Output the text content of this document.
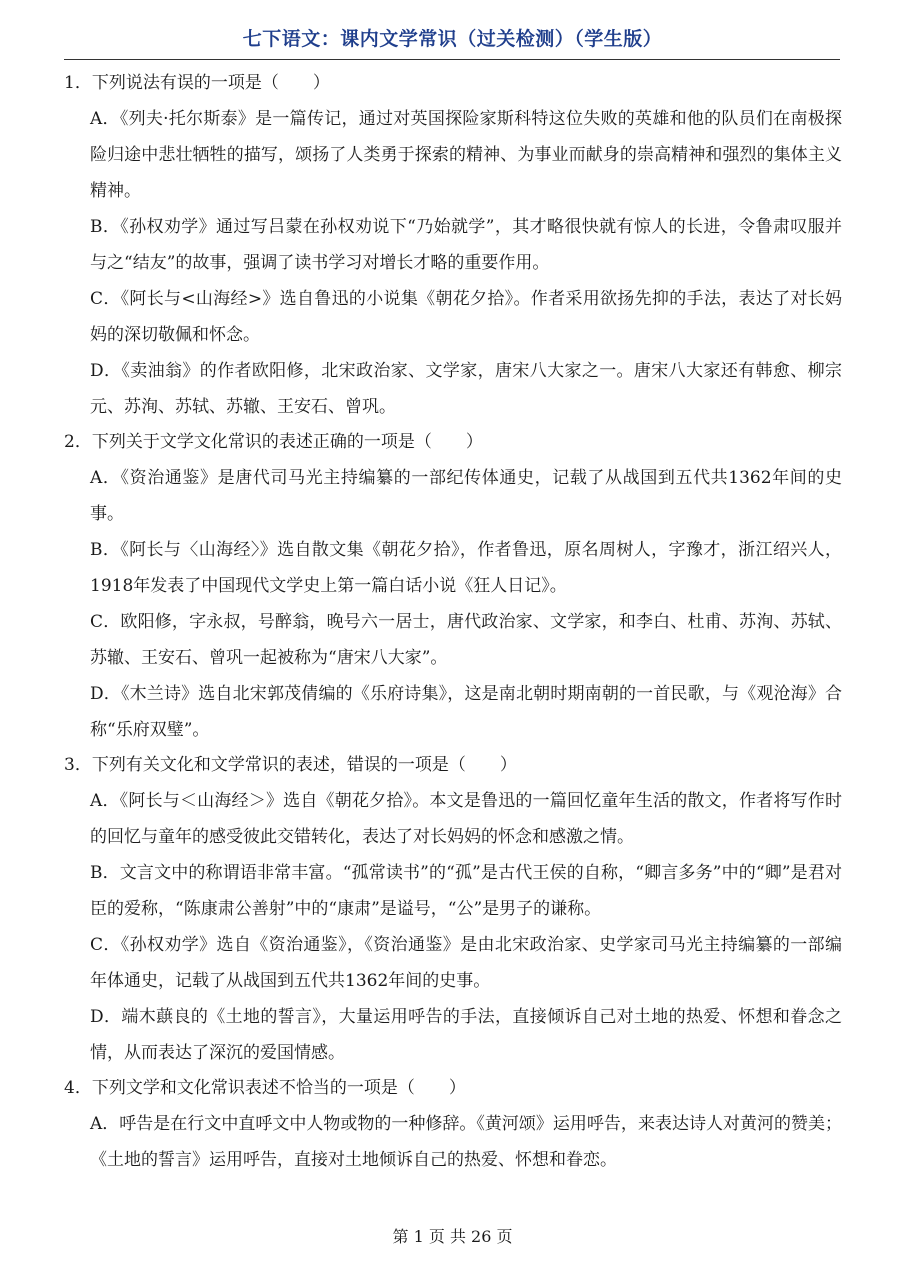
七下语文：课内文学常识（过关检测）（学生版）
1．下列说法有误的一项是（　　）
A．《列夫·托尔斯泰》是一篇传记，通过对英国探险家斯科特这位失败的英雄和他的队员们在南极探险归途中悲壮牺牲的描写，颂扬了人类勇于探索的精神、为事业而献身的崇高精神和强烈的集体主义精神。
B．《孙权劝学》通过写吕蒙在孙权劝说下“乃始就学”，其才略很快就有惊人的长进，令鲁肃叹服并与之“结友”的故事，强调了读书学习对增长才略的重要作用。
C．《阿长与<山海经>》选自鲁迅的小说集《朝花夕拾》。作者采用欲扬先抑的手法，表达了对长妈妈的深切敬佩和怀念。
D．《卖油翁》的作者欧阳修，北宋政治家、文学家，唐宋八大家之一。唐宋八大家还有韩愈、柳宗元、苏洵、苏轼、苏辙、王安石、曾巩。
2．下列关于文学文化常识的表述正确的一项是（　　）
A．《资治通鉴》是唐代司马光主持编纂的一部纪传体通史，记载了从战国到五代共1362年间的史事。
B．《阿长与〈山海经〉》选自散文集《朝花夕拾》，作者鲁迅，原名周树人，字豫才，浙江绍兴人，1918年发表了中国现代文学史上第一篇白话小说《狂人日记》。
C．欧阳修，字永叔，号醉翁，晚号六一居士，唐代政治家、文学家，和李白、杜甫、苏洵、苏轼、苏辙、王安石、曾巩一起被称为“唐宋八大家”。
D．《木兰诗》选自北宋郭茂倩编的《乐府诗集》，这是南北朝时期南朝的一首民歌，与《观沧海》合称“乐府双璧”。
3．下列有关文化和文学常识的表述，错误的一项是（　　）
A．《阿长与＜山海经＞》选自《朝花夕拾》。本文是鲁迅的一篇回忆童年生活的散文，作者将写作时的回忆与童年的感受彼此交错转化，表达了对长妈妈的怀念和感激之情。
B．文言文中的称谓语非常丰富。“孤常读书”的“孤”是古代王侯的自称，“卿言多务”中的“卿”是君对臣的爱称，“陈康肃公善射”中的“康肃”是谥号，“公”是男子的谦称。
C．《孙权劝学》选自《资治通鉴》，《资治通鉴》是由北宋政治家、史学家司马光主持编纂的一部编年体通史，记载了从战国到五代共1362年间的史事。
D．端木蕻良的《土地的誓言》，大量运用呼告的手法，直接倾诉自己对土地的热爱、怀想和眷念之情，从而表达了深沉的爱国情感。
4．下列文学和文化常识表述不恰当的一项是（　　）
A．呼告是在行文中直呼文中人物或物的一种修辞。《黄河颂》运用呼告，来表达诗人对黄河的赞美；《土地的誓言》运用呼告，直接对土地倾诉自己的热爱、怀想和眷恋。
第 1 页 共 26 页
